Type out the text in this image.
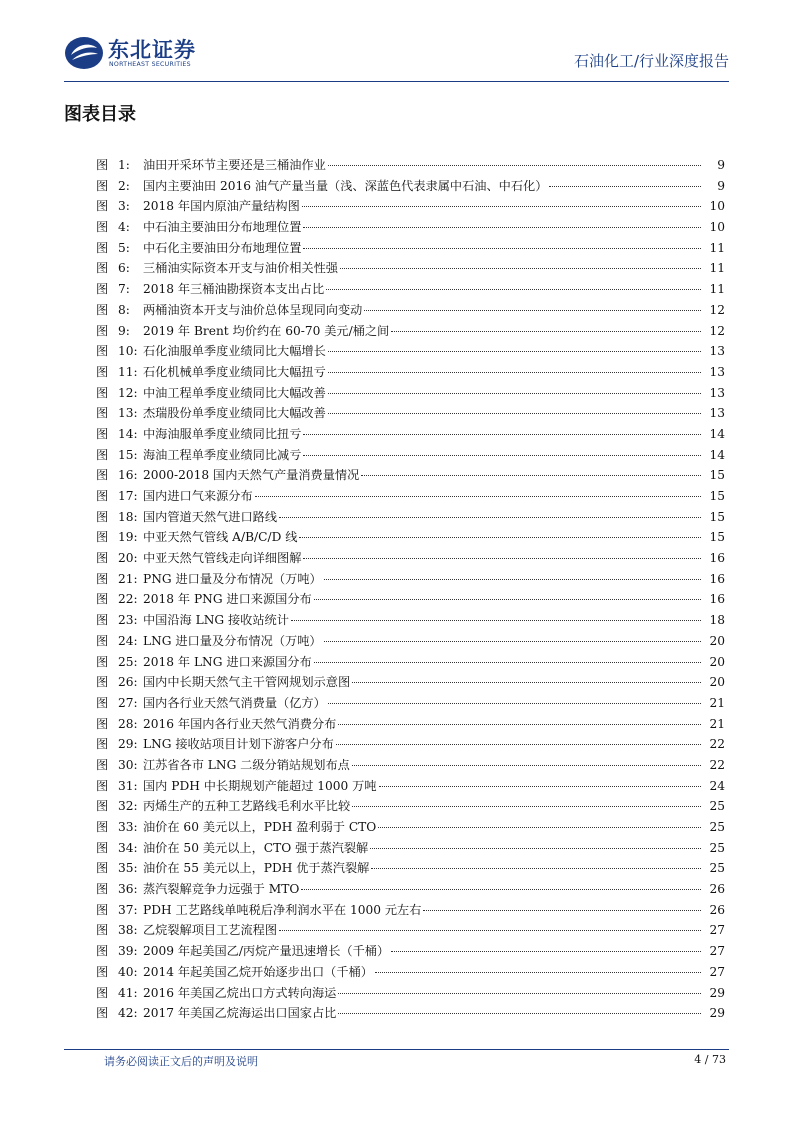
东北证券
NORTHEAST SECURITIES	石油化工/行业深度报告
图表目录
图 1:	油田开采环节主要还是三桶油作业	9
图 2:	国内主要油田 2016 油气产量当量（浅、深蓝色代表隶属中石油、中石化）	9
图 3:	2018 年国内原油产量结构图	10
图 4:	中石油主要油田分布地理位置	10
图 5:	中石化主要油田分布地理位置	11
图 6:	三桶油实际资本开支与油价相关性强	11
图 7:	2018 年三桶油勘探资本支出占比	11
图 8:	两桶油资本开支与油价总体呈现同向变动	12
图 9:	2019 年 Brent 均价约在 60-70 美元/桶之间	12
图 10: 石化油服单季度业绩同比大幅增长	13
图 11: 石化机械单季度业绩同比大幅扭亏	13
图 12: 中油工程单季度业绩同比大幅改善	13
图 13: 杰瑞股份单季度业绩同比大幅改善	13
图 14: 中海油服单季度业绩同比扭亏	14
图 15: 海油工程单季度业绩同比减亏	14
图 16: 2000-2018 国内天然气产量消费量情况	15
图 17: 国内进口气来源分布	15
图 18: 国内管道天然气进口路线	15
图 19: 中亚天然气管线 A/B/C/D 线	15
图 20: 中亚天然气管线走向详细图解	16
图 21: PNG 进口量及分布情况（万吨）	16
图 22: 2018 年 PNG 进口来源国分布	16
图 23: 中国沿海 LNG 接收站统计	18
图 24: LNG 进口量及分布情况（万吨）	20
图 25: 2018 年 LNG 进口来源国分布	20
图 26: 国内中长期天然气主干管网规划示意图	20
图 27: 国内各行业天然气消费量（亿方）	21
图 28: 2016 年国内各行业天然气消费分布	21
图 29: LNG 接收站项目计划下游客户分布	22
图 30: 江苏省各市 LNG 二级分销站规划布点	22
图 31: 国内 PDH 中长期规划产能超过 1000 万吨	24
图 32: 丙烯生产的五种工艺路线毛利水平比较	25
图 33: 油价在 60 美元以上，PDH 盈利弱于 CTO	25
图 34: 油价在 50 美元以上，CTO 强于蒸汽裂解	25
图 35: 油价在 55 美元以上，PDH 优于蒸汽裂解	25
图 36: 蒸汽裂解竞争力远强于 MTO	26
图 37: PDH 工艺路线单吨税后净利润水平在 1000 元左右	26
图 38: 乙烷裂解项目工艺流程图	27
图 39: 2009 年起美国乙/丙烷产量迅速增长（千桶）	27
图 40: 2014 年起美国乙烷开始逐步出口（千桶）	27
图 41: 2016 年美国乙烷出口方式转向海运	29
图 42: 2017 年美国乙烷海运出口国家占比	29
请务必阅读正文后的声明及说明	4 / 73
